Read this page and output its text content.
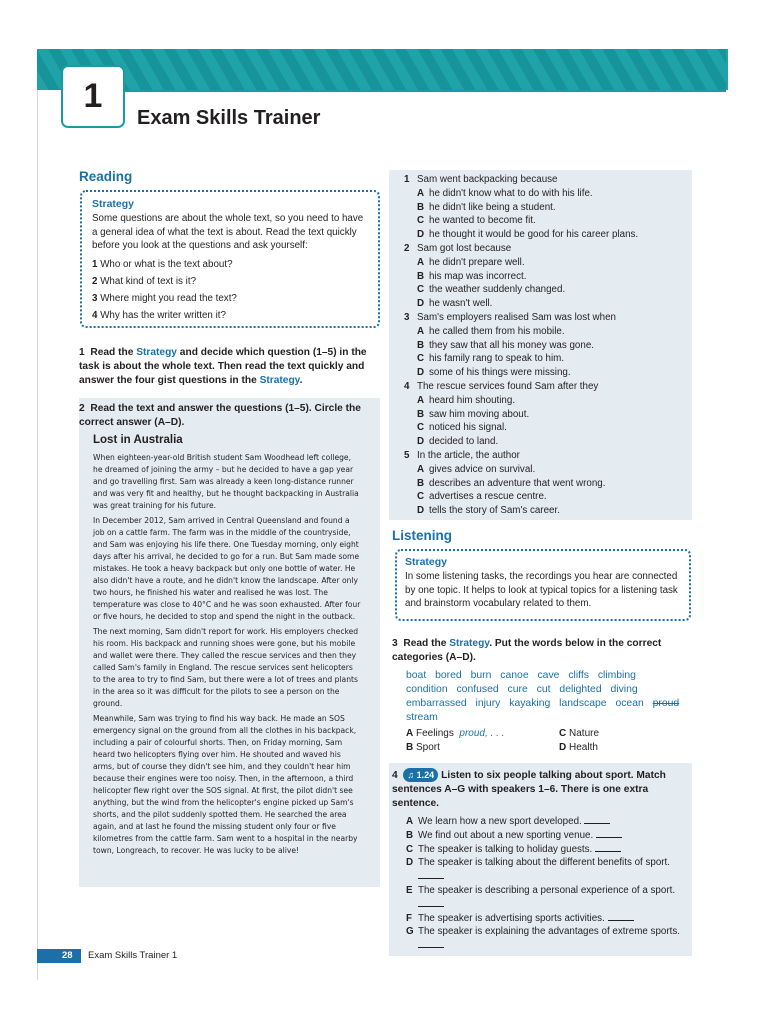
1
Exam Skills Trainer
Reading
Strategy
Some questions are about the whole text, so you need to have a general idea of what the text is about. Read the text quickly before you look at the questions and ask yourself:
1 Who or what is the text about?
2 What kind of text is it?
3 Where might you read the text?
4 Why has the writer written it?
1 Read the Strategy and decide which question (1–5) in the task is about the whole text. Then read the text quickly and answer the four gist questions in the Strategy.
2 Read the text and answer the questions (1–5). Circle the correct answer (A–D).
Lost in Australia

When eighteen-year-old British student Sam Woodhead left college, he dreamed of joining the army – but he decided to have a gap year and go travelling first. Sam was already a keen long-distance runner and was very fit and healthy, but he thought backpacking in Australia was great training for his future.

In December 2012, Sam arrived in Central Queensland and found a job on a cattle farm. The farm was in the middle of the countryside, and Sam was enjoying his life there. One Tuesday morning, only eight days after his arrival, he decided to go for a run. But Sam made some mistakes. He took a heavy backpack but only one bottle of water. He also didn't have a route, and he didn't know the landscape. After only two hours, he finished his water and realised he was lost. The temperature was close to 40°C and he was soon exhausted. After four or five hours, he decided to stop and spend the night in the outback.

The next morning, Sam didn't report for work. His employers checked his room. His backpack and running shoes were gone, but his mobile and wallet were there. They called the rescue services and then they called Sam's family in England. The rescue services sent helicopters to the area to try to find Sam, but there were a lot of trees and plants in the area so it was difficult for the pilots to see a person on the ground.

Meanwhile, Sam was trying to find his way back. He made an SOS emergency signal on the ground from all the clothes in his backpack, including a pair of colourful shorts. Then, on Friday morning, Sam heard two helicopters flying over him. He shouted and waved his arms, but of course they didn't see him, and they couldn't hear him because their engines were too noisy. Then, in the afternoon, a third helicopter flew right over the SOS signal. At first, the pilot didn't see anything, but the wind from the helicopter's engine picked up Sam's shorts, and the pilot suddenly spotted them. He searched the area again, and at last he found the missing student only four or five kilometres from the cattle farm. Sam went to a hospital in the nearby town, Longreach, to recover. He was lucky to be alive!

1 Sam went backpacking because
A he didn't know what to do with his life.
B he didn't like being a student.
C he wanted to become fit.
D he thought it would be good for his career plans.
2 Sam got lost because
A he didn't prepare well.
B his map was incorrect.
C the weather suddenly changed.
D he wasn't well.
3 Sam's employers realised Sam was lost when
A he called them from his mobile.
B they saw that all his money was gone.
C his family rang to speak to him.
D some of his things were missing.
4 The rescue services found Sam after they
A heard him shouting.
B saw him moving about.
C noticed his signal.
D decided to land.
5 In the article, the author
A gives advice on survival.
B describes an adventure that went wrong.
C advertises a rescue centre.
D tells the story of Sam's career.
Listening
Strategy
In some listening tasks, the recordings you hear are connected by one topic. It helps to look at typical topics for a listening task and brainstorm vocabulary related to them.
3 Read the Strategy. Put the words below in the correct categories (A–D).
boat bored burn canoe cave cliffs climbing condition confused cure cut delighted diving embarrassed injury kayaking landscape ocean proud stream
A Feelings proud, . . .	C Nature
B Sport	D Health
4 ♫ 1.24 Listen to six people talking about sport. Match sentences A–G with speakers 1–6. There is one extra sentence.
A We learn how a new sport developed.
B We find out about a new sporting venue.
C The speaker is talking to holiday guests.
D The speaker is talking about the different benefits of sport.
E The speaker is describing a personal experience of a sport.
F The speaker is advertising sports activities.
G The speaker is explaining the advantages of extreme sports.
28 Exam Skills Trainer 1
